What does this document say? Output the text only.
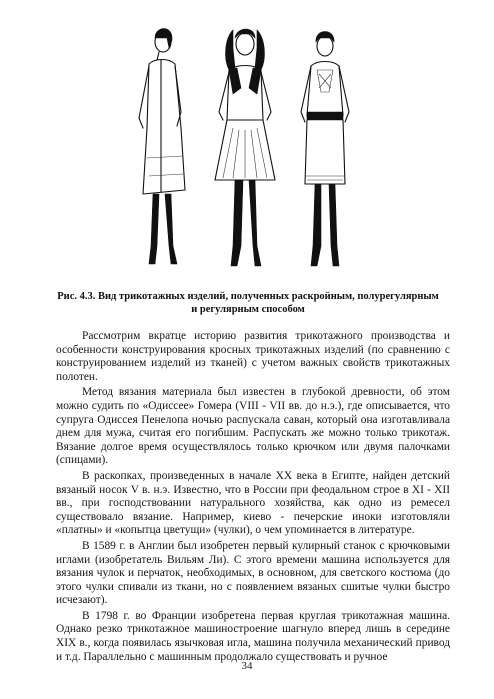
Рис. 4.3. Вид трикотажных изделий, полученных раскройным, полурегулярным
и регулярным способом

Рассмотрим вкратце историю развития трикотажного производства и особенности конструирования кросных трикотажных изделий (по сравнению с конструированием изделий из тканей) с учетом важных свойств трикотажных полотен.

Метод вязания материала был известен в глубокой древности, об этом можно судить по «Одиссее» Гомера (VIII - VII вв. до н.э.), где описывается, что супруга Одиссея Пенелопа ночью распускала саван, который она изготавливала днем для мужа, считая его погибшим. Распускать же можно только трикотаж. Вязание долгое время осуществлялось только крючком или двумя палочками (спицами).

В раскопках, произведенных в начале XX века в Египте, найден детский вязаный носок V в. н.э. Известно, что в России при феодальном строе в XI - XII вв., при господствовании натурального хозяйства, как одно из ремесел существовало вязание. Например, киево - печерские иноки изготовляли «платны» и «копытца цветущи» (чулки), о чем упоминается в литературе.

В 1589 г. в Англии был изобретен первый кулирный станок с крючковыми иглами (изобретатель Вильям Ли). С этого времени машина используется для вязания чулок и перчаток, необходимых, в основном, для светского костюма (до этого чулки спивали из ткани, но с появлением вязаных сшитые чулки быстро исчезают).

В 1798 г. во Франции изобретена первая круглая трикотажная машина. Однако резко трикотажное машиностроение шагнуло вперед лишь в середине XIX в., когда появилась язычковая игла, машина получила механический привод и т.д. Параллельно с машинным продолжало существовать и ручное

34
